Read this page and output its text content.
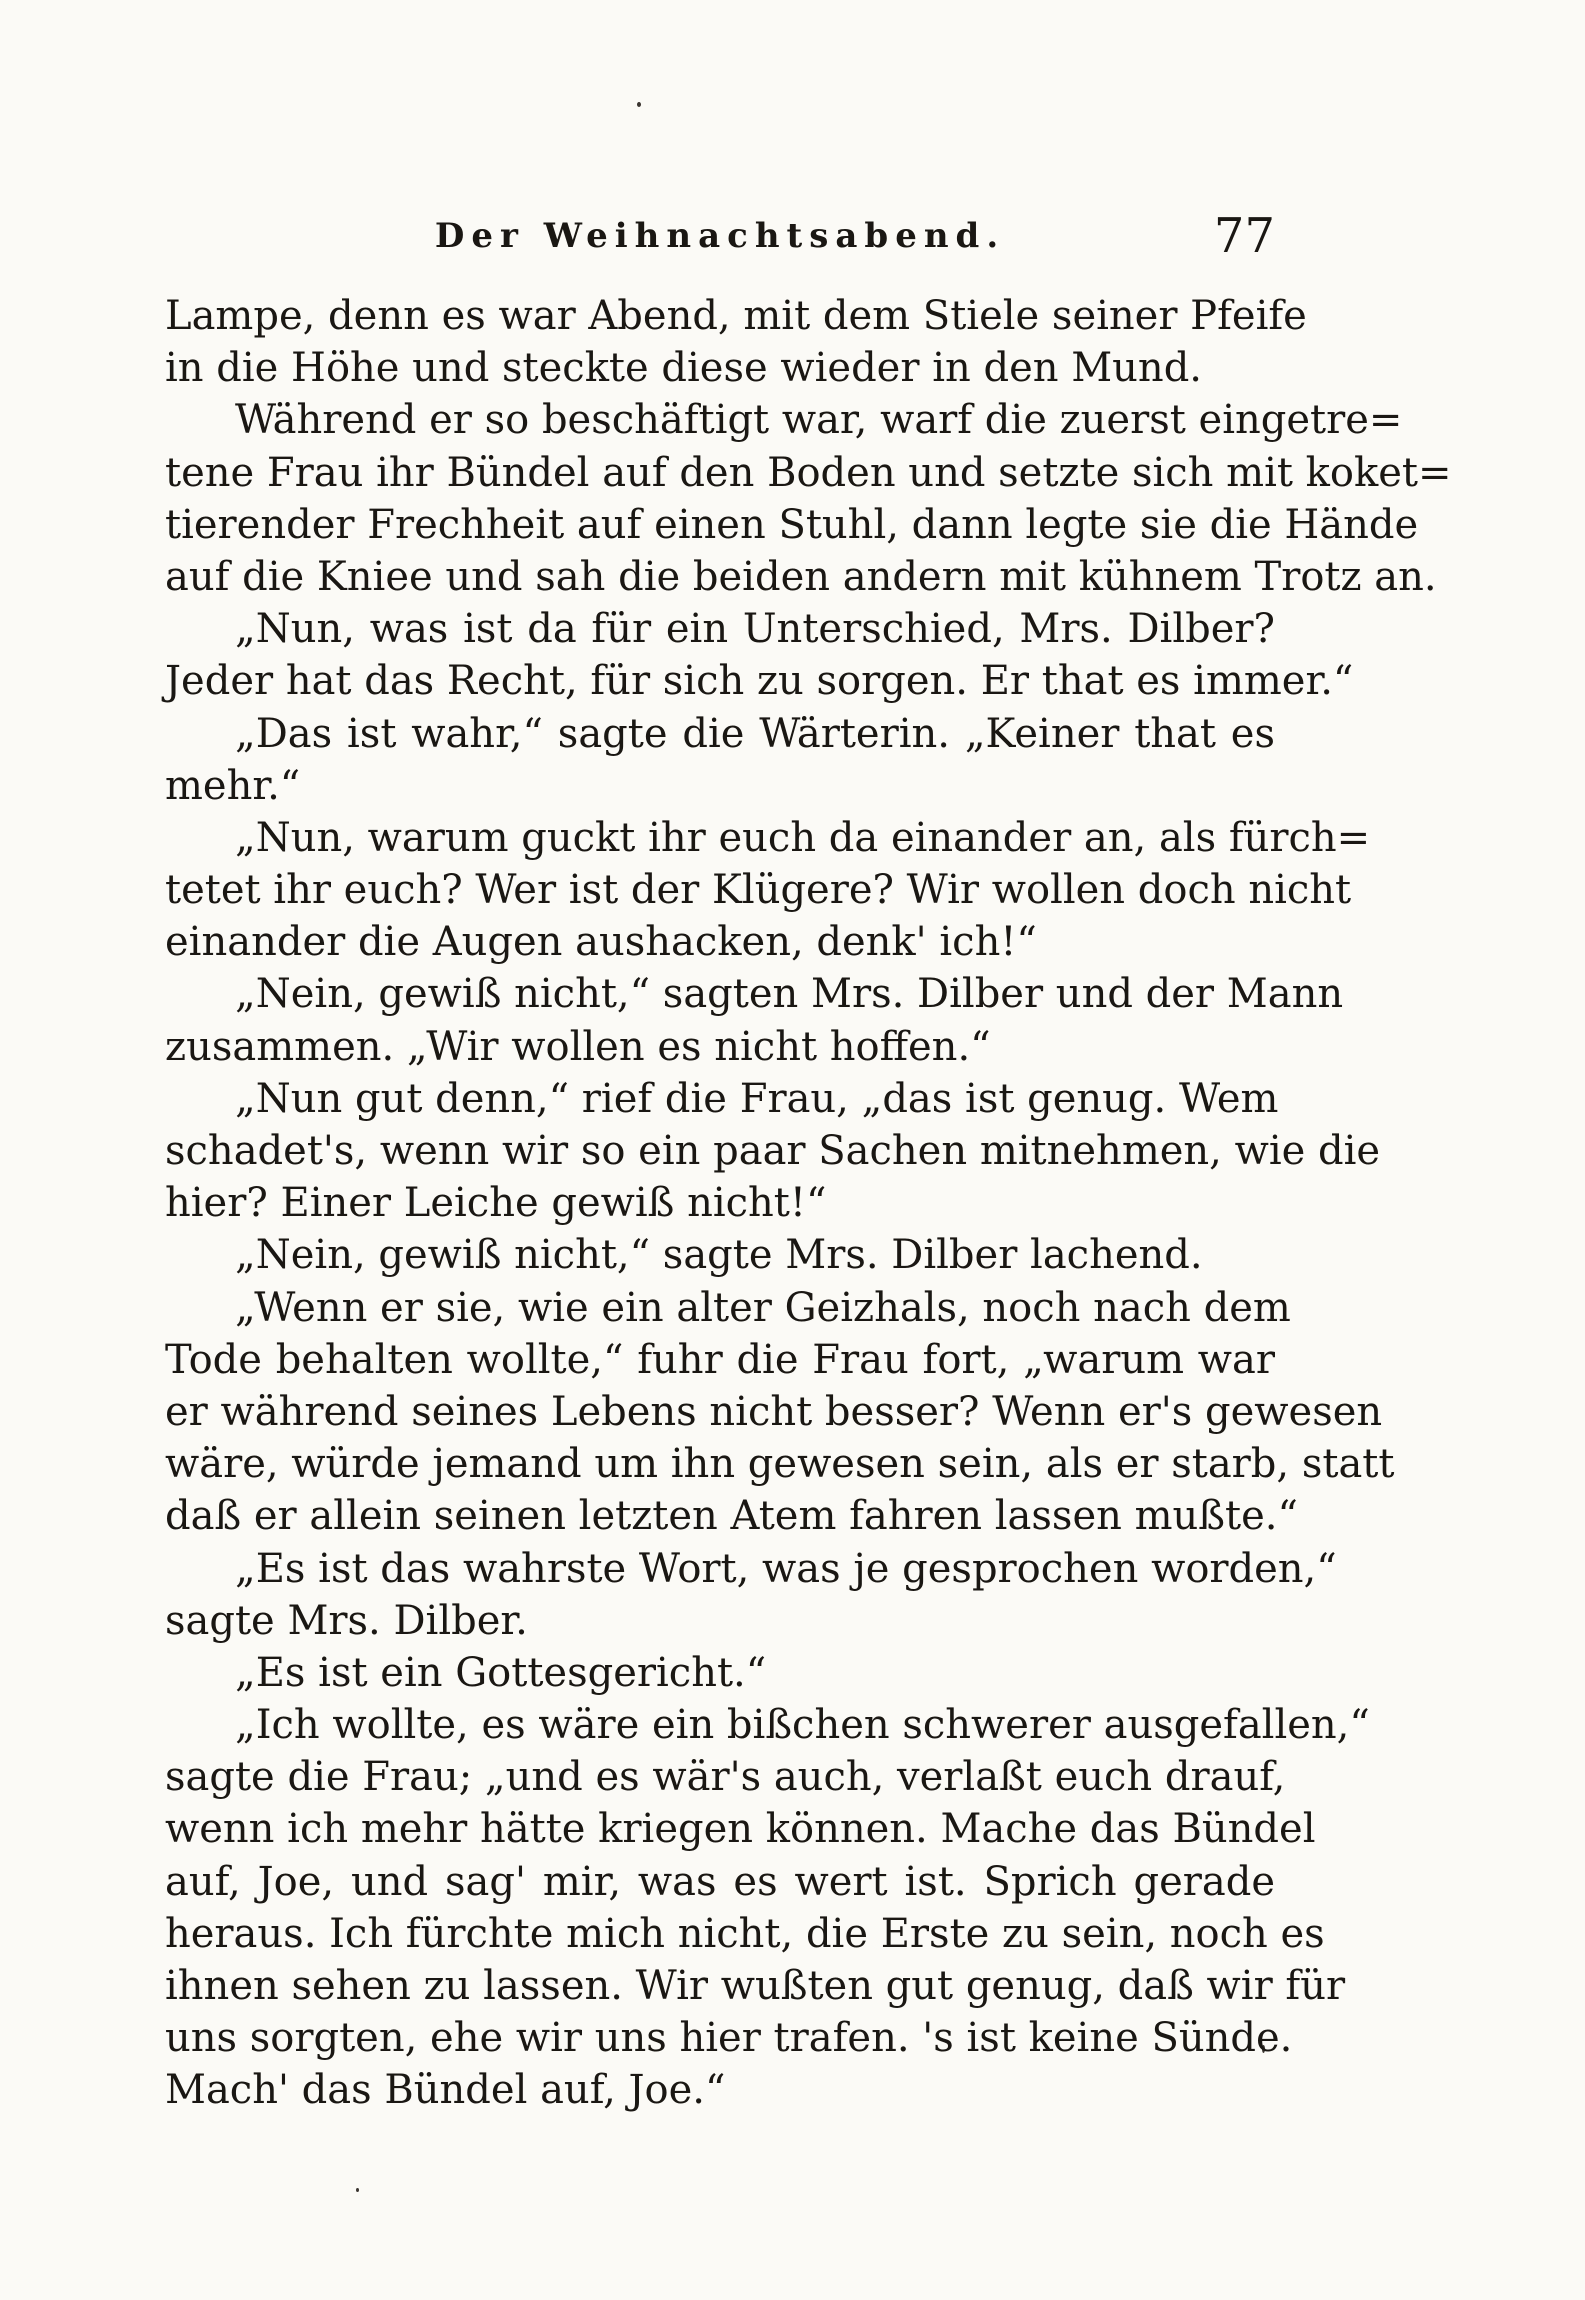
Der Weihnachtsabend.	77
Lampe, denn es war Abend, mit dem Stiele seiner Pfeife
in die Höhe und steckte diese wieder in den Mund.
Während er so beschäftigt war, warf die zuerst eingetre=
tene Frau ihr Bündel auf den Boden und setzte sich mit koket=
tierender Frechheit auf einen Stuhl, dann legte sie die Hände
auf die Kniee und sah die beiden andern mit kühnem Trotz an.
„Nun, was ist da für ein Unterschied, Mrs. Dilber?
Jeder hat das Recht, für sich zu sorgen. Er that es immer.“
„Das ist wahr,“ sagte die Wärterin. „Keiner that es
mehr.“
„Nun, warum guckt ihr euch da einander an, als fürch=
tetet ihr euch? Wer ist der Klügere? Wir wollen doch nicht
einander die Augen aushacken, denk' ich!“
„Nein, gewiß nicht,“ sagten Mrs. Dilber und der Mann
zusammen. „Wir wollen es nicht hoffen.“
„Nun gut denn,“ rief die Frau, „das ist genug. Wem
schadet's, wenn wir so ein paar Sachen mitnehmen, wie die
hier? Einer Leiche gewiß nicht!“
„Nein, gewiß nicht,“ sagte Mrs. Dilber lachend.
„Wenn er sie, wie ein alter Geizhals, noch nach dem
Tode behalten wollte,“ fuhr die Frau fort, „warum war
er während seines Lebens nicht besser? Wenn er's gewesen
wäre, würde jemand um ihn gewesen sein, als er starb, statt
daß er allein seinen letzten Atem fahren lassen mußte.“
„Es ist das wahrste Wort, was je gesprochen worden,“
sagte Mrs. Dilber.
„Es ist ein Gottesgericht.“
„Ich wollte, es wäre ein bißchen schwerer ausgefallen,“
sagte die Frau; „und es wär's auch, verlaßt euch drauf,
wenn ich mehr hätte kriegen können. Mache das Bündel
auf, Joe, und sag' mir, was es wert ist. Sprich gerade
heraus. Ich fürchte mich nicht, die Erste zu sein, noch es
ihnen sehen zu lassen. Wir wußten gut genug, daß wir für
uns sorgten, ehe wir uns hier trafen. 's ist keine Sünde.
Mach' das Bündel auf, Joe.“
